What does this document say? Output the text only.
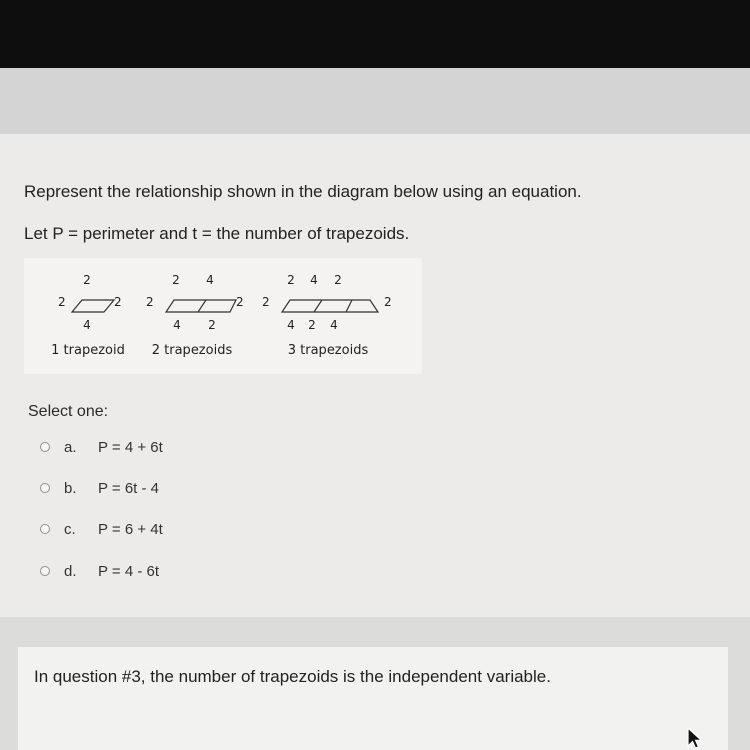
Represent the relationship shown in the diagram below using an equation.
Let P = perimeter and t = the number of trapezoids.
2
2	2
4
1 trapezoid
2 4
2	2
4 2
2 trapezoids
2 4 2
2	2
4 2 4
3 trapezoids
Select one:
a. P = 4 + 6t
b. P = 6t - 4
c. P = 6 + 4t
d. P = 4 - 6t
In question #3, the number of trapezoids is the independent variable.
